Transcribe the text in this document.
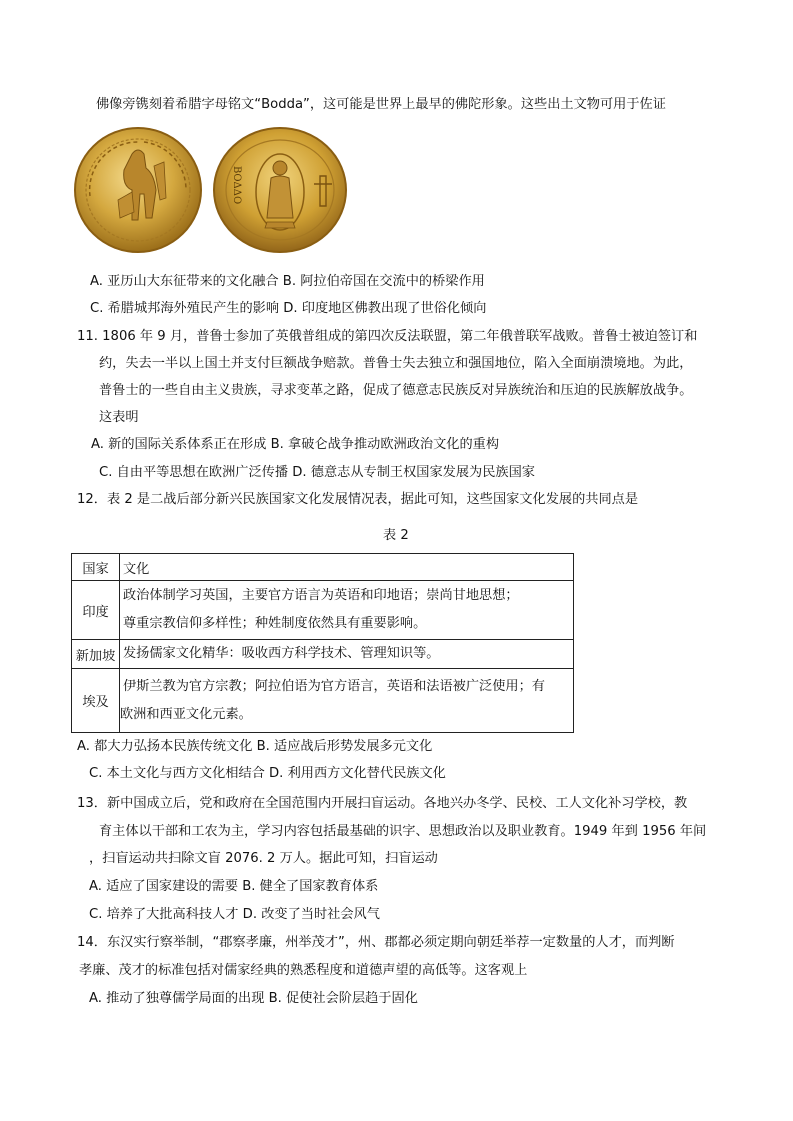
佛像旁镌刻着希腊字母铭文“Bodda”，这可能是世界上最早的佛陀形象。这些出土文物可用于佐证
ΒΟΔΔΟ
A. 亚历山大东征带来的文化融合 B. 阿拉伯帝国在交流中的桥梁作用
C. 希腊城邦海外殖民产生的影响 D. 印度地区佛教出现了世俗化倾向
11. 1806 年 9 月，普鲁士参加了英俄普组成的第四次反法联盟，第二年俄普联军战败。普鲁士被迫签订和
约，失去一半以上国土并支付巨额战争赔款。普鲁士失去独立和强国地位，陷入全面崩溃境地。为此，
普鲁士的一些自由主义贵族，寻求变革之路，促成了德意志民族反对异族统治和压迫的民族解放战争。
这表明
A. 新的国际关系体系正在形成 B. 拿破仑战争推动欧洲政治文化的重构
C. 自由平等思想在欧洲广泛传播 D. 德意志从专制王权国家发展为民族国家
12．表 2 是二战后部分新兴民族国家文化发展情况表，据此可知，这些国家文化发展的共同点是
表 2
国家	文化
印度	政治体制学习英国，主要官方语言为英语和印地语；崇尚甘地思想；
尊重宗教信仰多样性；种姓制度依然具有重要影响。

新加坡	发扬儒家文化精华：吸收西方科学技术、管理知识等。

埃及	伊斯兰教为官方宗教；阿拉伯语为官方语言，英语和法语被广泛使用；有
欧洲和西亚文化元素。
A. 都大力弘扬本民族传统文化 B. 适应战后形势发展多元文化
C. 本土文化与西方文化相结合 D. 利用西方文化替代民族文化
13．新中国成立后，党和政府在全国范围内开展扫盲运动。各地兴办冬学、民校、工人文化补习学校，教
育主体以干部和工农为主，学习内容包括最基础的识字、思想政治以及职业教育。1949 年到 1956 年间
，扫盲运动共扫除文盲 2076. 2 万人。据此可知，扫盲运动
A. 适应了国家建设的需要 B. 健全了国家教育体系
C. 培养了大批高科技人才 D. 改变了当时社会风气
14．东汉实行察举制，“郡察孝廉，州举茂才”，州、郡都必须定期向朝廷举荐一定数量的人才，而判断
孝廉、茂才的标准包括对儒家经典的熟悉程度和道德声望的高低等。这客观上
A. 推动了独尊儒学局面的出现 B. 促使社会阶层趋于固化
